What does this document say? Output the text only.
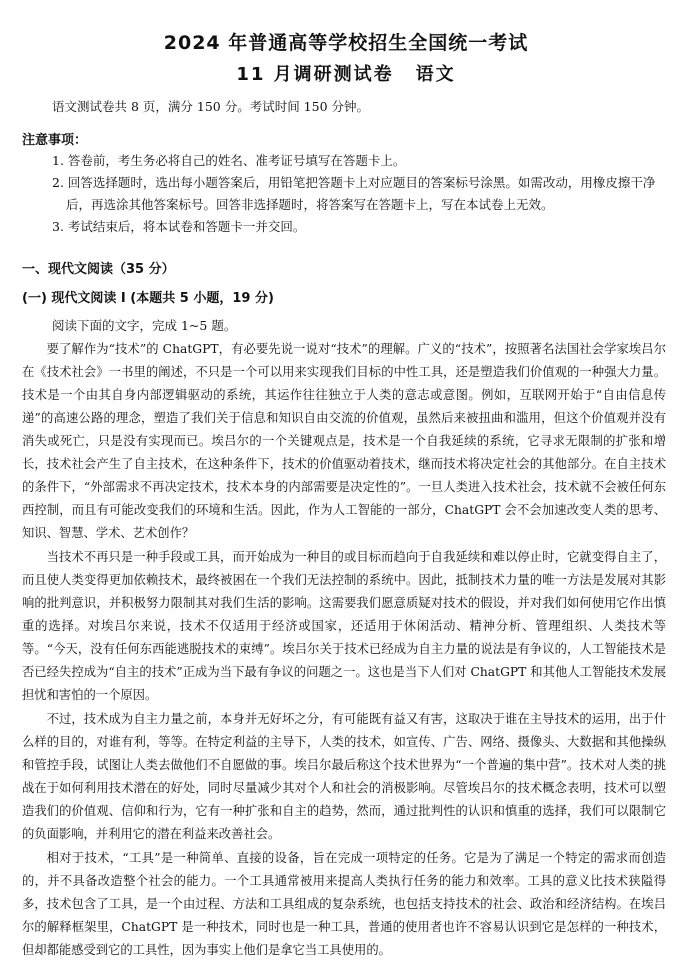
2024 年普通高等学校招生全国统一考试
11 月调研测试卷 语文
语文测试卷共 8 页，满分 150 分。考试时间 150 分钟。
注意事项：
1. 答卷前，考生务必将自己的姓名、准考证号填写在答题卡上。
2. 回答选择题时，选出每小题答案后，用铅笔把答题卡上对应题目的答案标号涂黑。如需改动，用橡皮擦干净后，再选涂其他答案标号。回答非选择题时，将答案写在答题卡上，写在本试卷上无效。
3. 考试结束后，将本试卷和答题卡一并交回。
一、现代文阅读（35 分）
(一) 现代文阅读 I (本题共 5 小题，19 分)
阅读下面的文字，完成 1~5 题。

要了解作为“技术”的 ChatGPT，有必要先说一说对“技术”的理解。广义的“技术”，按照著名法国社会学家埃吕尔在《技术社会》一书里的阐述，不只是一个可以用来实现我们目标的中性工具，还是塑造我们价值观的一种强大力量。技术是一个由其自身内部逻辑驱动的系统，其运作往往独立于人类的意志或意图。例如，互联网开始于“自由信息传递”的高速公路的理念，塑造了我们关于信息和知识自由交流的价值观，虽然后来被扭曲和滥用，但这个价值观并没有消失或死亡，只是没有实现而已。埃吕尔的一个关键观点是，技术是一个自我延续的系统，它寻求无限制的扩张和增长，技术社会产生了自主技术，在这种条件下，技术的价值驱动着技术，继而技术将决定社会的其他部分。在自主技术的条件下，“外部需求不再决定技术，技术本身的内部需要是决定性的”。一旦人类进入技术社会，技术就不会被任何东西控制，而且有可能改变我们的环境和生活。因此，作为人工智能的一部分，ChatGPT 会不会加速改变人类的思考、知识、智慧、学术、艺术创作？

当技术不再只是一种手段或工具，而开始成为一种目的或目标而趋向于自我延续和难以停止时，它就变得自主了，而且使人类变得更加依赖技术，最终被困在一个我们无法控制的系统中。因此，抵制技术力量的唯一方法是发展对其影响的批判意识，并积极努力限制其对我们生活的影响。这需要我们愿意质疑对技术的假设，并对我们如何使用它作出慎重的选择。对埃吕尔来说，技术不仅适用于经济或国家，还适用于休闲活动、精神分析、管理组织、人类技术等等。“今天，没有任何东西能逃脱技术的束缚”。埃吕尔关于技术已经成为自主力量的说法是有争议的，人工智能技术是否已经失控成为“自主的技术”正成为当下最有争议的问题之一。这也是当下人们对 ChatGPT 和其他人工智能技术发展担忧和害怕的一个原因。

不过，技术成为自主力量之前，本身并无好坏之分，有可能既有益又有害，这取决于谁在主导技术的运用，出于什么样的目的，对谁有利，等等。在特定利益的主导下，人类的技术，如宣传、广告、网络、摄像头、大数据和其他操纵和管控手段，试图让人类去做他们不自愿做的事。埃吕尔最后称这个技术世界为“一个普遍的集中营”。技术对人类的挑战在于如何利用技术潜在的好处，同时尽量减少其对个人和社会的消极影响。尽管埃吕尔的技术概念表明，技术可以塑造我们的价值观、信仰和行为，它有一种扩张和自主的趋势，然而，通过批判性的认识和慎重的选择，我们可以限制它的负面影响，并利用它的潜在利益来改善社会。

相对于技术，“工具”是一种简单、直接的设备，旨在完成一项特定的任务。它是为了满足一个特定的需求而创造的，并不具备改造整个社会的能力。一个工具通常被用来提高人类执行任务的能力和效率。工具的意义比技术狭隘得多，技术包含了工具，是一个由过程、方法和工具组成的复杂系统，也包括支持技术的社会、政治和经济结构。在埃吕尔的解释框架里，ChatGPT 是一种技术，同时也是一种工具，普通的使用者也许不容易认识到它是怎样的一种技术，但却都能感受到它的工具性，因为事实上他们是拿它当工具使用的。
